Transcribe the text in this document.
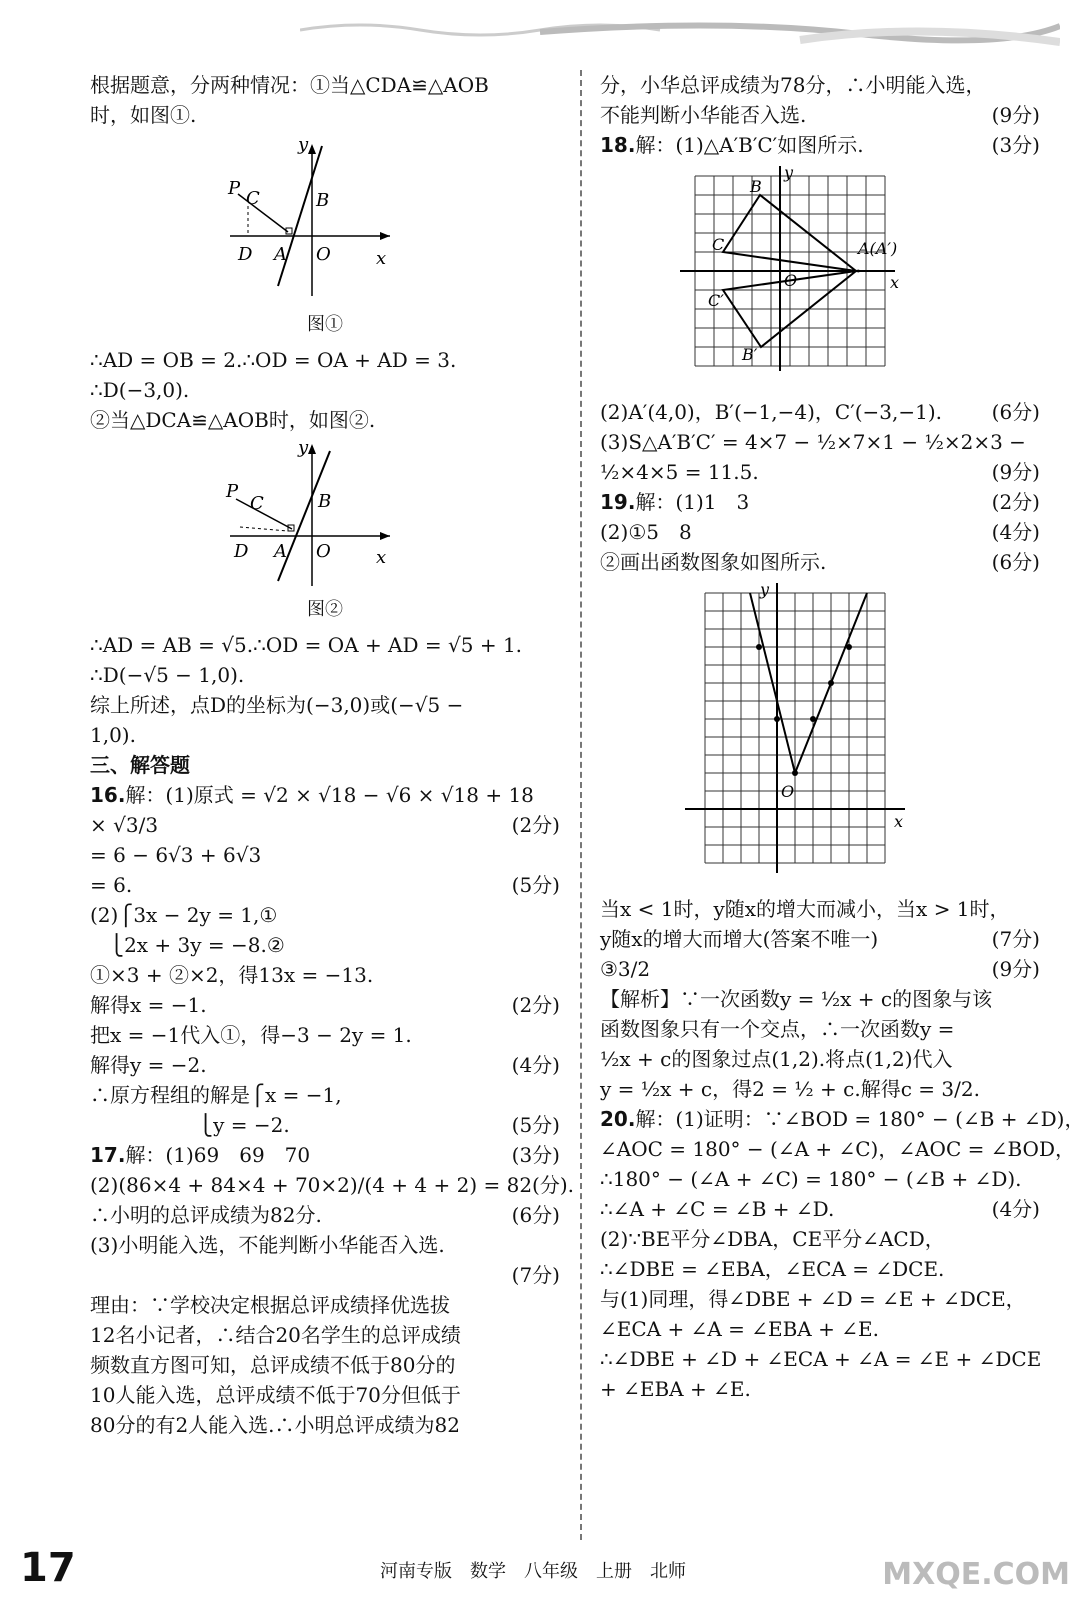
根据题意，分两种情况：①当△CDA≌△AOB
时，如图①.
P C	B
D A O	x
y
图①
∴AD = OB = 2.∴OD = OA + AD = 3.
∴D(−3,0).
②当△DCA≌△AOB时，如图②.
P
C	B
D A O	x
y
图②
∴AD = AB = √5.∴OD = OA + AD = √5 + 1.
∴D(−√5 − 1,0).
综上所述，点D的坐标为(−3,0)或(−√5 −
1,0).
三、解答题
16.解：(1)原式 = √2 × √18 − √6 × √18 + 18
× √3/3	(2分)
= 6 − 6√3 + 6√3
= 6.	(5分)
(2)⎧3x − 2y = 1,①
⎩2x + 3y = −8.②
①×3 + ②×2，得13x = −13.
解得x = −1.	(2分)
把x = −1代入①，得−3 − 2y = 1.
解得y = −2.	(4分)
∴原方程组的解是⎧x = −1,
⎩y = −2.	(5分)
17.解：(1)69　69　70	(3分)
(2)(86×4 + 84×4 + 70×2)/(4 + 4 + 2) = 82(分).
∴小明的总评成绩为82分.	(6分)
(3)小明能入选，不能判断小华能否入选.
(7分)
理由：∵学校决定根据总评成绩择优选拔
12名小记者，∴结合20名学生的总评成绩
频数直方图可知，总评成绩不低于80分的
10人能入选，总评成绩不低于70分但低于
80分的有2人能入选.∴小明总评成绩为82
分，小华总评成绩为78分，∴小明能入选，
不能判断小华能否入选.	(9分)
18.解：(1)△A′B′C′如图所示.	(3分)
B
C	A(A′)
C′
B′
O	x
y
(2)A′(4,0)，B′(−1,−4)，C′(−3,−1). (6分)
(3)S△A′B′C′ = 4×7 − ½×7×1 − ½×2×3 −
½×4×5 = 11.5.	(9分)
19.解：(1)1　3	(2分)
(2)①5　8	(4分)
②画出函数图象如图所示.	(6分)
O
x
y
当x < 1时，y随x的增大而减小，当x > 1时，
y随x的增大而增大(答案不唯一)	(7分)
③3/2	(9分)
【解析】∵一次函数y = ½x + c的图象与该
函数图象只有一个交点，∴一次函数y =
½x + c的图象过点(1,2).将点(1,2)代入
y = ½x + c，得2 = ½ + c.解得c = 3/2.
20.解：(1)证明：∵∠BOD = 180° − (∠B + ∠D)，
∠AOC = 180° − (∠A + ∠C)，∠AOC = ∠BOD，
∴180° − (∠A + ∠C) = 180° − (∠B + ∠D).
∴∠A + ∠C = ∠B + ∠D.	(4分)
(2)∵BE平分∠DBA，CE平分∠ACD，
∴∠DBE = ∠EBA，∠ECA = ∠DCE.
与(1)同理，得∠DBE + ∠D = ∠E + ∠DCE，
∠ECA + ∠A = ∠EBA + ∠E.
∴∠DBE + ∠D + ∠ECA + ∠A = ∠E + ∠DCE
+ ∠EBA + ∠E.
17	河南专版　数学　八年级　上册　北师	MXQE.COM
